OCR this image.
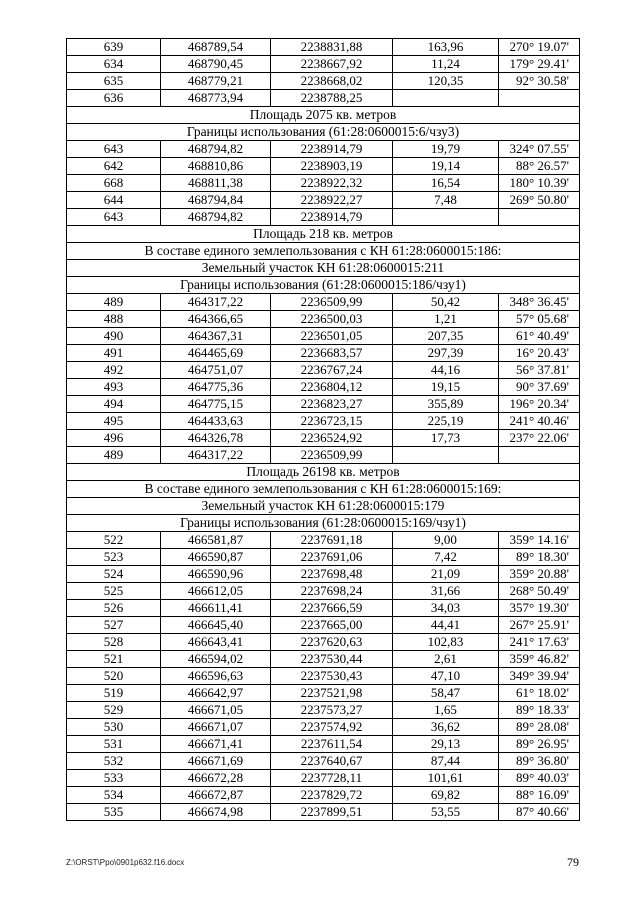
639	468789,54	2238831,88	163,96	270° 19.07'
634	468790,45	2238667,92	11,24	179° 29.41'
635	468779,21	2238668,02	120,35	92° 30.58'
636	468773,94	2238788,25		
Площадь 2075 кв. метров				
Границы использования (61:28:0600015:6/чзу3)				
643	468794,82	2238914,79	19,79	324° 07.55'
642	468810,86	2238903,19	19,14	88° 26.57'
668	468811,38	2238922,32	16,54	180° 10.39'
644	468794,84	2238922,27	7,48	269° 50.80'
643	468794,82	2238914,79		
Площадь 218 кв. метров				
В составе единого землепользования с КН 61:28:0600015:186:				
Земельный участок КН 61:28:0600015:211				
Границы использования (61:28:0600015:186/чзу1)				
489	464317,22	2236509,99	50,42	348° 36.45'
488	464366,65	2236500,03	1,21	57° 05.68'
490	464367,31	2236501,05	207,35	61° 40.49'
491	464465,69	2236683,57	297,39	16° 20.43'
492	464751,07	2236767,24	44,16	56° 37.81'
493	464775,36	2236804,12	19,15	90° 37.69'
494	464775,15	2236823,27	355,89	196° 20.34'
495	464433,63	2236723,15	225,19	241° 40.46'
496	464326,78	2236524,92	17,73	237° 22.06'
489	464317,22	2236509,99		
Площадь 26198 кв. метров				
В составе единого землепользования с КН 61:28:0600015:169:				
Земельный участок КН 61:28:0600015:179				
Границы использования (61:28:0600015:169/чзу1)				
522	466581,87	2237691,18	9,00	359° 14.16'
523	466590,87	2237691,06	7,42	89° 18.30'
524	466590,96	2237698,48	21,09	359° 20.88'
525	466612,05	2237698,24	31,66	268° 50.49'
526	466611,41	2237666,59	34,03	357° 19.30'
527	466645,40	2237665,00	44,41	267° 25.91'
528	466643,41	2237620,63	102,83	241° 17.63'
521	466594,02	2237530,44	2,61	359° 46.82'
520	466596,63	2237530,43	47,10	349° 39.94'
519	466642,97	2237521,98	58,47	61° 18.02'
529	466671,05	2237573,27	1,65	89° 18.33'
530	466671,07	2237574,92	36,62	89° 28.08'
531	466671,41	2237611,54	29,13	89° 26.95'
532	466671,69	2237640,67	87,44	89° 36.80'
533	466672,28	2237728,11	101,61	89° 40.03'
534	466672,87	2237829,72	69,82	88° 16.09'
535	466674,98	2237899,51	53,55	87° 40.66'
Z:\ORST\Ppo\0901p632.f16.docx	79
